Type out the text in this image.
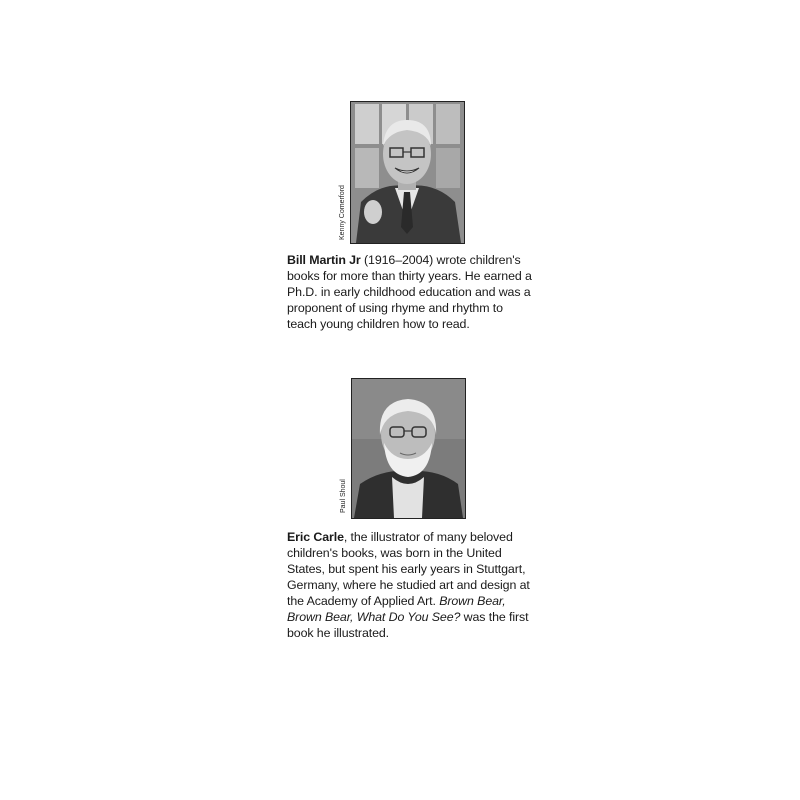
Kenny Comerford
Bill Martin Jr (1916–2004) wrote children's books for more than thirty years. He earned a Ph.D. in early childhood education and was a proponent of using rhyme and rhythm to teach young children how to read.
Paul Shoul
Eric Carle, the illustrator of many beloved children's books, was born in the United States, but spent his early years in Stuttgart, Germany, where he studied art and design at the Academy of Applied Art. Brown Bear, Brown Bear, What Do You See? was the first book he illustrated.
